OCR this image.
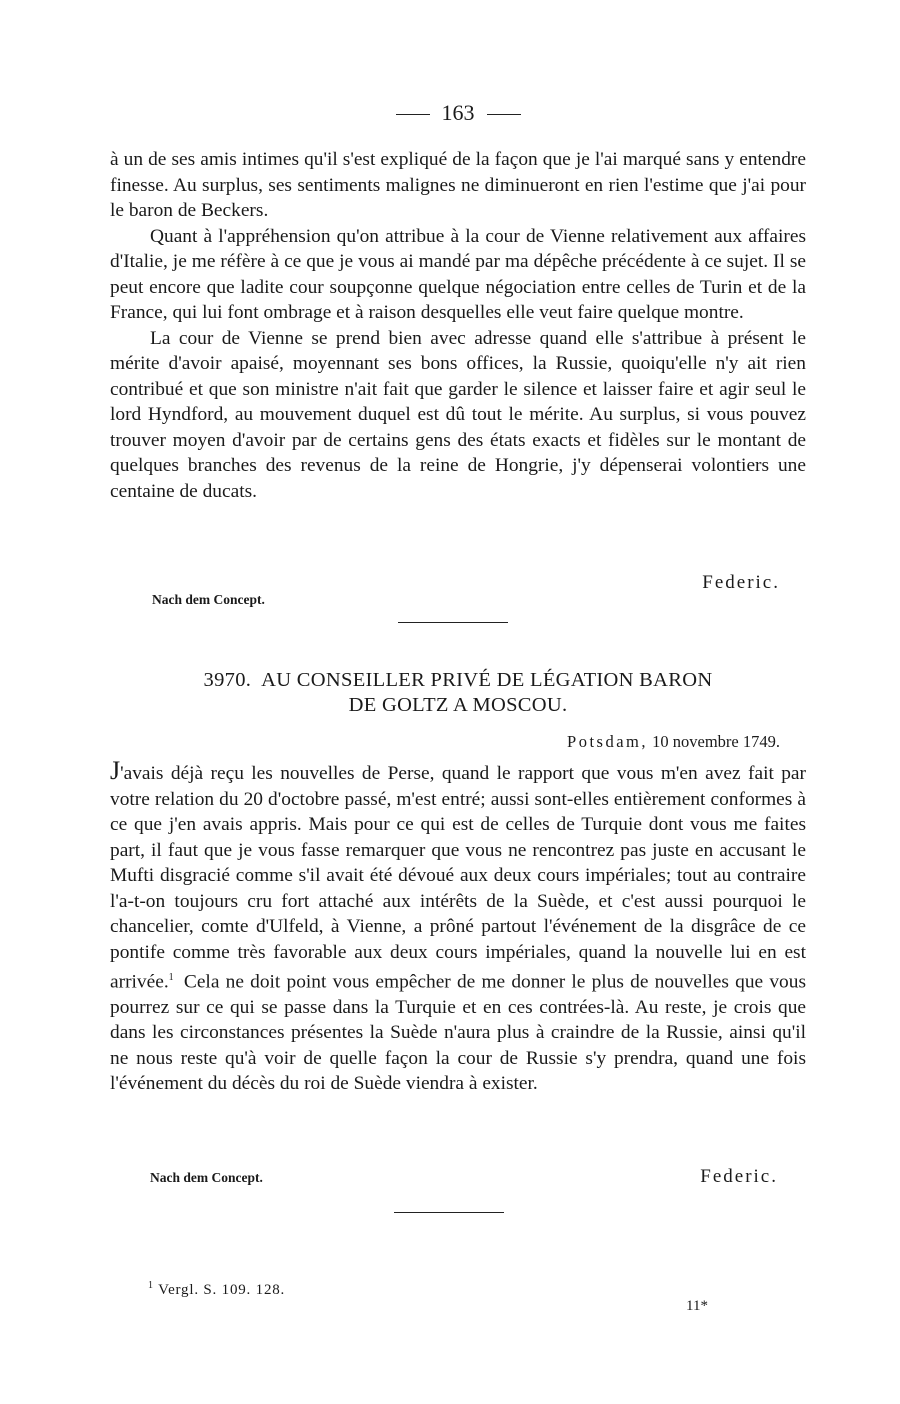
163

à un de ses amis intimes qu'il s'est expliqué de la façon que je l'ai marqué sans y entendre finesse. Au surplus, ses sentiments malignes ne diminueront en rien l'estime que j'ai pour le baron de Beckers.

Quant à l'appréhension qu'on attribue à la cour de Vienne relativement aux affaires d'Italie, je me réfère à ce que je vous ai mandé par ma dépêche précédente à ce sujet. Il se peut encore que ladite cour soupçonne quelque négociation entre celles de Turin et de la France, qui lui font ombrage et à raison desquelles elle veut faire quelque montre.

La cour de Vienne se prend bien avec adresse quand elle s'attribue à présent le mérite d'avoir apaisé, moyennant ses bons offices, la Russie, quoiqu'elle n'y ait rien contribué et que son ministre n'ait fait que garder le silence et laisser faire et agir seul le lord Hyndford, au mouvement duquel est dû tout le mérite. Au surplus, si vous pouvez trouver moyen d'avoir par de certains gens des états exacts et fidèles sur le montant de quelques branches des revenus de la reine de Hongrie, j'y dépenserai volontiers une centaine de ducats.

Federic.
Nach dem Concept.
3970. AU CONSEILLER PRIVÉ DE LÉGATION BARON
DE GOLTZ A MOSCOU.
Potsdam, 10 novembre 1749.

J'avais déjà reçu les nouvelles de Perse, quand le rapport que vous m'en avez fait par votre relation du 20 d'octobre passé, m'est entré; aussi sont-elles entièrement conformes à ce que j'en avais appris. Mais pour ce qui est de celles de Turquie dont vous me faites part, il faut que je vous fasse remarquer que vous ne rencontrez pas juste en accusant le Mufti disgracié comme s'il avait été dévoué aux deux cours impériales; tout au contraire l'a-t-on toujours cru fort attaché aux intérêts de la Suède, et c'est aussi pourquoi le chancelier, comte d'Ulfeld, à Vienne, a prôné partout l'événement de la disgrâce de ce pontife comme très favorable aux deux cours impériales, quand la nouvelle lui en est arrivée.$^1$ Cela ne doit point vous empêcher de me donner le plus de nouvelles que vous pourrez sur ce qui se passe dans la Turquie et en ces contrées-là. Au reste, je crois que dans les circonstances présentes la Suède n'aura plus à craindre de la Russie, ainsi qu'il ne nous reste qu'à voir de quelle façon la cour de Russie s'y prendra, quand une fois l'événement du décès du roi de Suède viendra à exister.

Nach dem Concept.	Federic.
$^1$ Vergl. S. 109. 128.
11*
